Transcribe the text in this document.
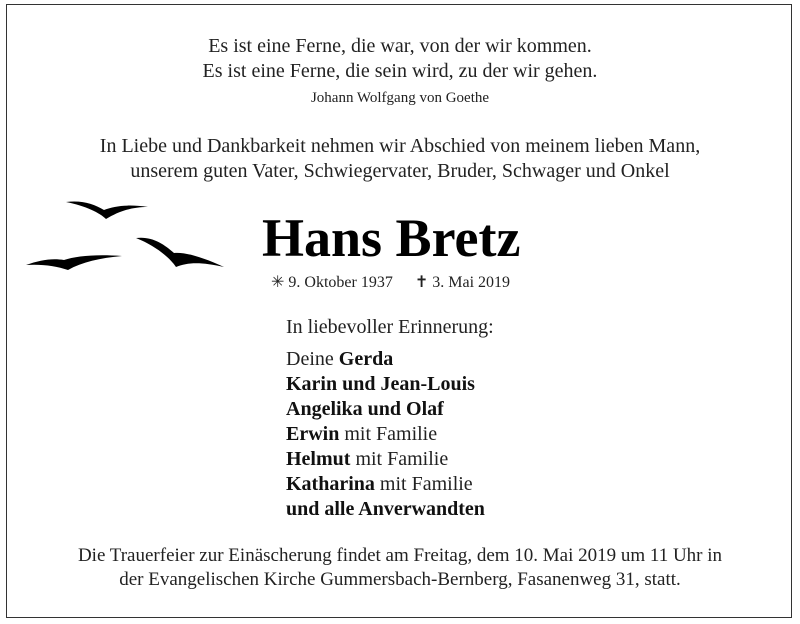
Es ist eine Ferne, die war, von der wir kommen.
Es ist eine Ferne, die sein wird, zu der wir gehen.
Johann Wolfgang von Goethe
In Liebe und Dankbarkeit nehmen wir Abschied von meinem lieben Mann,
unserem guten Vater, Schwiegervater, Bruder, Schwager und Onkel
Hans Bretz
✳ 9. Oktober 1937 ✝ 3. Mai 2019
In liebevoller Erinnerung:
Deine Gerda
Karin und Jean-Louis
Angelika und Olaf
Erwin mit Familie
Helmut mit Familie
Katharina mit Familie
und alle Anverwandten
Die Trauerfeier zur Einäscherung findet am Freitag, dem 10. Mai 2019 um 11 Uhr in
der Evangelischen Kirche Gummersbach-Bernberg, Fasanenweg 31, statt.
